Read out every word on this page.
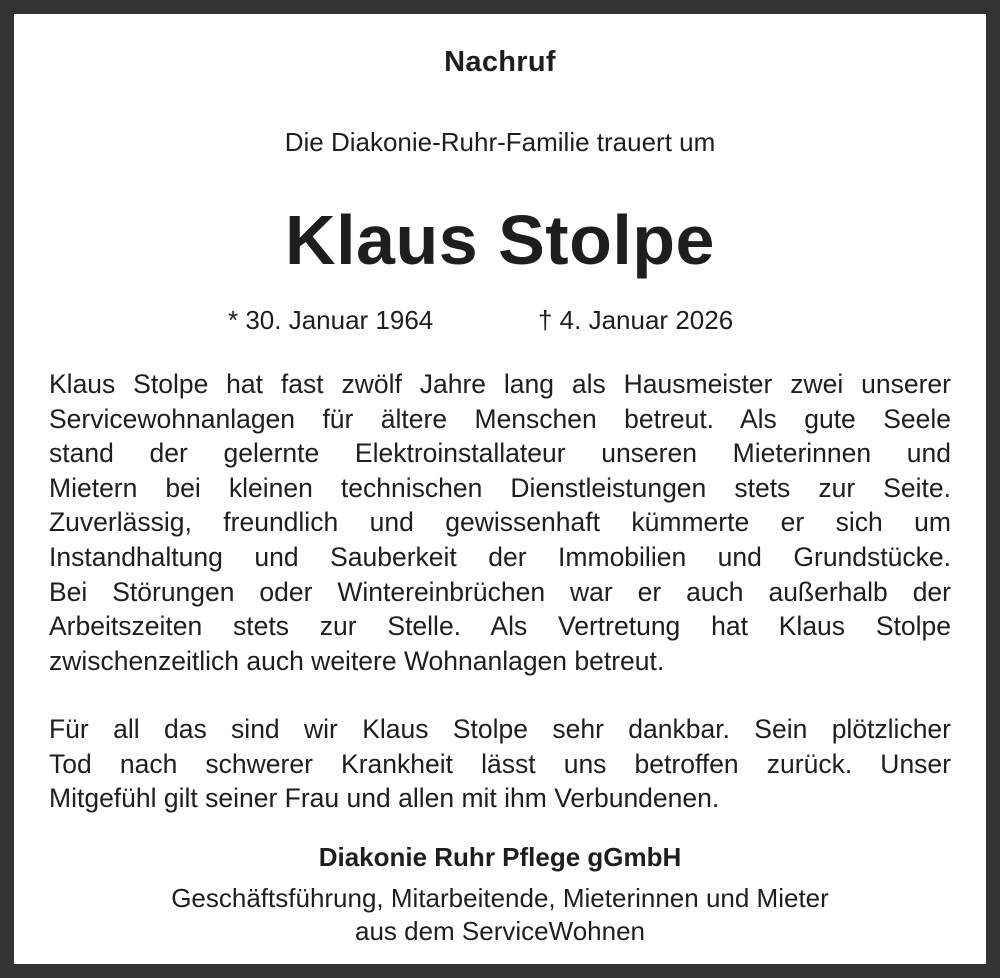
Nachruf
Die Diakonie-Ruhr-Familie trauert um
Klaus Stolpe
* 30. Januar 1964	† 4. Januar 2026
Klaus Stolpe hat fast zwölf Jahre lang als Hausmeister zwei unserer
Servicewohnanlagen für ältere Menschen betreut. Als gute Seele
stand der gelernte Elektroinstallateur unseren Mieterinnen und
Mietern bei kleinen technischen Dienstleistungen stets zur Seite.
Zuverlässig, freundlich und gewissenhaft kümmerte er sich um
Instandhaltung und Sauberkeit der Immobilien und Grundstücke.
Bei Störungen oder Wintereinbrüchen war er auch außerhalb der
Arbeitszeiten stets zur Stelle. Als Vertretung hat Klaus Stolpe
zwischenzeitlich auch weitere Wohnanlagen betreut.
Für all das sind wir Klaus Stolpe sehr dankbar. Sein plötzlicher
Tod nach schwerer Krankheit lässt uns betroffen zurück. Unser
Mitgefühl gilt seiner Frau und allen mit ihm Verbundenen.
Diakonie Ruhr Pflege gGmbH
Geschäftsführung, Mitarbeitende, Mieterinnen und Mieter
aus dem ServiceWohnen
